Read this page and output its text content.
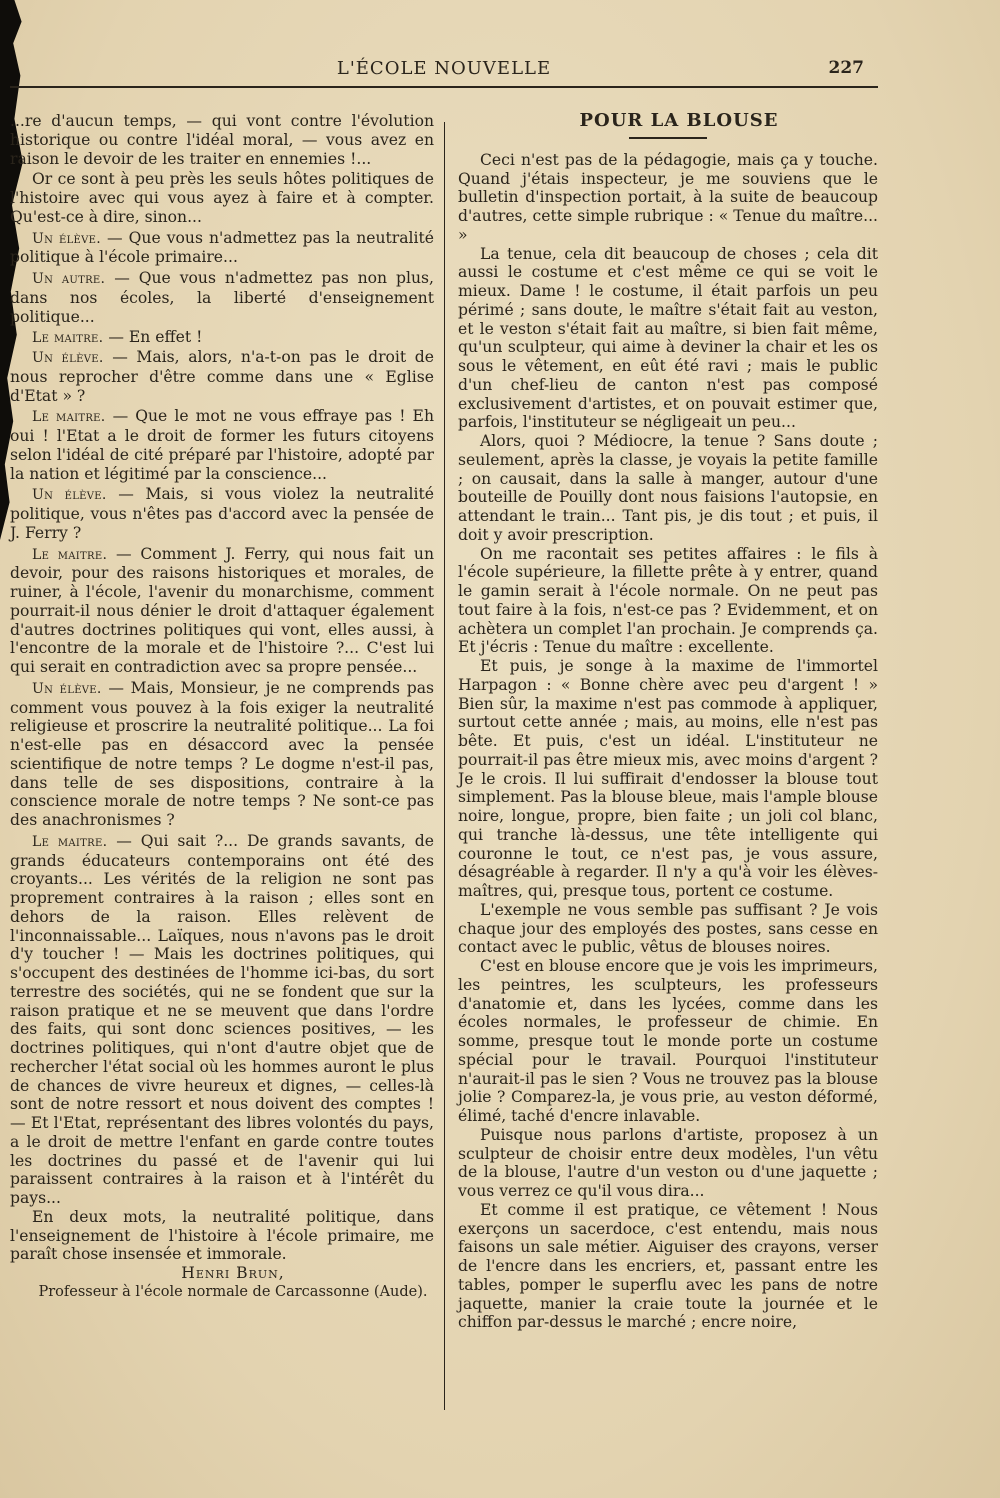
L'ÉCOLE NOUVELLE	227

...re d'aucun temps, — qui vont contre l'évolution historique ou contre l'idéal moral, — vous avez en raison le devoir de les traiter en ennemies !...

Or ce sont à peu près les seuls hôtes politiques de l'histoire avec qui vous ayez à faire et à compter. Qu'est-ce à dire, sinon...

Un élève. — Que vous n'admettez pas la neutralité politique à l'école primaire...

Un autre. — Que vous n'admettez pas non plus, dans nos écoles, la liberté d'enseignement politique...

Le maitre. — En effet !

Un élève. — Mais, alors, n'a-t-on pas le droit de nous reprocher d'être comme dans une « Eglise d'Etat » ?

Le maitre. — Que le mot ne vous effraye pas ! Eh oui ! l'Etat a le droit de former les futurs citoyens selon l'idéal de cité préparé par l'histoire, adopté par la nation et légitimé par la conscience...

Un élève. — Mais, si vous violez la neutralité politique, vous n'êtes pas d'accord avec la pensée de J. Ferry ?

Le maitre. — Comment J. Ferry, qui nous fait un devoir, pour des raisons historiques et morales, de ruiner, à l'école, l'avenir du monarchisme, comment pourrait-il nous dénier le droit d'attaquer également d'autres doctrines politiques qui vont, elles aussi, à l'encontre de la morale et de l'histoire ?... C'est lui qui serait en contradiction avec sa propre pensée...

Un élève. — Mais, Monsieur, je ne comprends pas comment vous pouvez à la fois exiger la neutralité religieuse et proscrire la neutralité politique... La foi n'est-elle pas en désaccord avec la pensée scientifique de notre temps ? Le dogme n'est-il pas, dans telle de ses dispositions, contraire à la conscience morale de notre temps ? Ne sont-ce pas des anachronismes ?

Le maitre. — Qui sait ?... De grands savants, de grands éducateurs contemporains ont été des croyants... Les vérités de la religion ne sont pas proprement contraires à la raison ; elles sont en dehors de la raison. Elles relèvent de l'inconnaissable... Laïques, nous n'avons pas le droit d'y toucher ! — Mais les doctrines politiques, qui s'occupent des destinées de l'homme ici-bas, du sort terrestre des sociétés, qui ne se fondent que sur la raison pratique et ne se meuvent que dans l'ordre des faits, qui sont donc sciences positives, — les doctrines politiques, qui n'ont d'autre objet que de rechercher l'état social où les hommes auront le plus de chances de vivre heureux et dignes, — celles-là sont de notre ressort et nous doivent des comptes ! — Et l'Etat, représentant des libres volontés du pays, a le droit de mettre l'enfant en garde contre toutes les doctrines du passé et de l'avenir qui lui paraissent contraires à la raison et à l'intérêt du pays...

En deux mots, la neutralité politique, dans l'enseignement de l'histoire à l'école primaire, me paraît chose insensée et immorale.

Henri Brun,

Professeur à l'école normale de Carcassonne (Aude).

POUR LA BLOUSE

Ceci n'est pas de la pédagogie, mais ça y touche. Quand j'étais inspecteur, je me souviens que le bulletin d'inspection portait, à la suite de beaucoup d'autres, cette simple rubrique : « Tenue du maître... »

La tenue, cela dit beaucoup de choses ; cela dit aussi le costume et c'est même ce qui se voit le mieux. Dame ! le costume, il était parfois un peu périmé ; sans doute, le maître s'était fait au veston, et le veston s'était fait au maître, si bien fait même, qu'un sculpteur, qui aime à deviner la chair et les os sous le vêtement, en eût été ravi ; mais le public d'un chef-lieu de canton n'est pas composé exclusivement d'artistes, et on pouvait estimer que, parfois, l'instituteur se négligeait un peu...

Alors, quoi ? Médiocre, la tenue ? Sans doute ; seulement, après la classe, je voyais la petite famille ; on causait, dans la salle à manger, autour d'une bouteille de Pouilly dont nous faisions l'autopsie, en attendant le train... Tant pis, je dis tout ; et puis, il doit y avoir prescription.

On me racontait ses petites affaires : le fils à l'école supérieure, la fillette prête à y entrer, quand le gamin serait à l'école normale. On ne peut pas tout faire à la fois, n'est-ce pas ? Evidemment, et on achètera un complet l'an prochain. Je comprends ça. Et j'écris : Tenue du maître : excellente.

Et puis, je songe à la maxime de l'immortel Harpagon : « Bonne chère avec peu d'argent ! » Bien sûr, la maxime n'est pas commode à appliquer, surtout cette année ; mais, au moins, elle n'est pas bête. Et puis, c'est un idéal. L'instituteur ne pourrait-il pas être mieux mis, avec moins d'argent ? Je le crois. Il lui suffirait d'endosser la blouse tout simplement. Pas la blouse bleue, mais l'ample blouse noire, longue, propre, bien faite ; un joli col blanc, qui tranche là-dessus, une tête intelligente qui couronne le tout, ce n'est pas, je vous assure, désagréable à regarder. Il n'y a qu'à voir les élèves-maîtres, qui, presque tous, portent ce costume.

L'exemple ne vous semble pas suffisant ? Je vois chaque jour des employés des postes, sans cesse en contact avec le public, vêtus de blouses noires.

C'est en blouse encore que je vois les imprimeurs, les peintres, les sculpteurs, les professeurs d'anatomie et, dans les lycées, comme dans les écoles normales, le professeur de chimie. En somme, presque tout le monde porte un costume spécial pour le travail. Pourquoi l'instituteur n'aurait-il pas le sien ? Vous ne trouvez pas la blouse jolie ? Comparez-la, je vous prie, au veston déformé, élimé, taché d'encre inlavable.

Puisque nous parlons d'artiste, proposez à un sculpteur de choisir entre deux modèles, l'un vêtu de la blouse, l'autre d'un veston ou d'une jaquette ; vous verrez ce qu'il vous dira...

Et comme il est pratique, ce vêtement ! Nous exerçons un sacerdoce, c'est entendu, mais nous faisons un sale métier. Aiguiser des crayons, verser de l'encre dans les encriers, et, passant entre les tables, pomper le superflu avec les pans de notre jaquette, manier la craie toute la journée et le chiffon par-dessus le marché ; encre noire,
